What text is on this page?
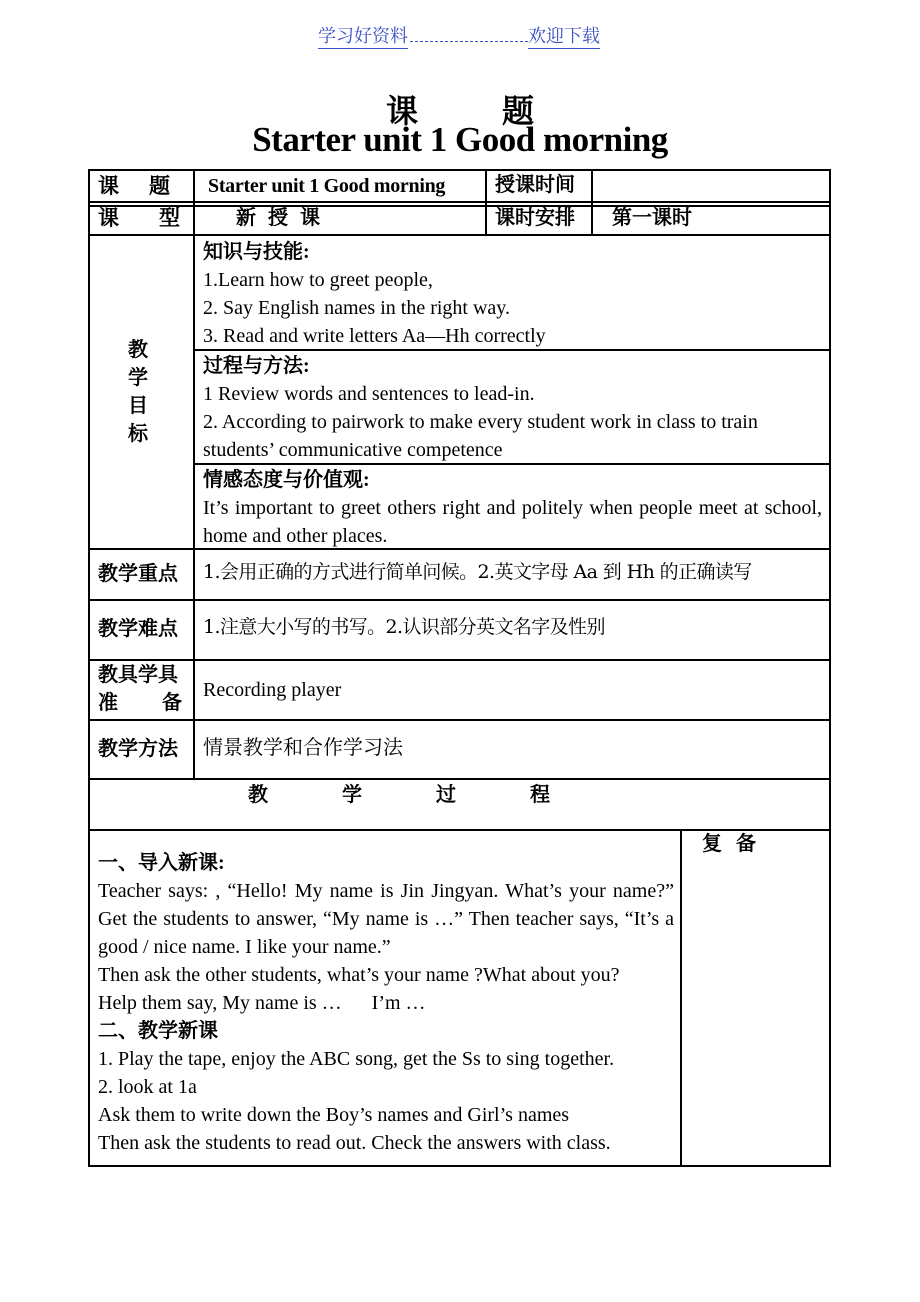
学习好资料	欢迎下载
课题
Starter unit 1 Good morning
课题 Starter unit 1 Good morning 授课时间
课型 新授课	课时安排 第一课时
教学目标

知识与技能:

1.Learn how to greet people,

2. Say English names in the right way.

3. Read and write letters Aa—Hh correctly

过程与方法:

1 Review words and sentences to lead-in.

2. According to pairwork to make every student work in class to train students’ communicative competence

情感态度与价值观:

It’s important to greet others right and politely when people meet at school, home and other places.

教学重点 1.会用正确的方式进行简单问候。2.英文字母 Aa 到 Hh 的正确读写
教学难点 1.注意大小写的书写。2.认识部分英文名字及性别
教具学具
准备
Recording player
教学方法 情景教学和合作学习法
教学过程
复备

一、导入新课:

Teacher says: , “Hello! My name is Jin Jingyan. What’s your name?” Get the students to answer, “My name is …” Then teacher says, “It’s a good / nice name. I like your name.”

Then ask the other students, what’s your name ?What about you?

Help them say, My name is …      I’m …

二、教学新课

1. Play the tape, enjoy the ABC song, get the Ss to sing together.

2. look at 1a

Ask them to write down the Boy’s names and Girl’s names

Then ask the students to read out. Check the answers with class.
